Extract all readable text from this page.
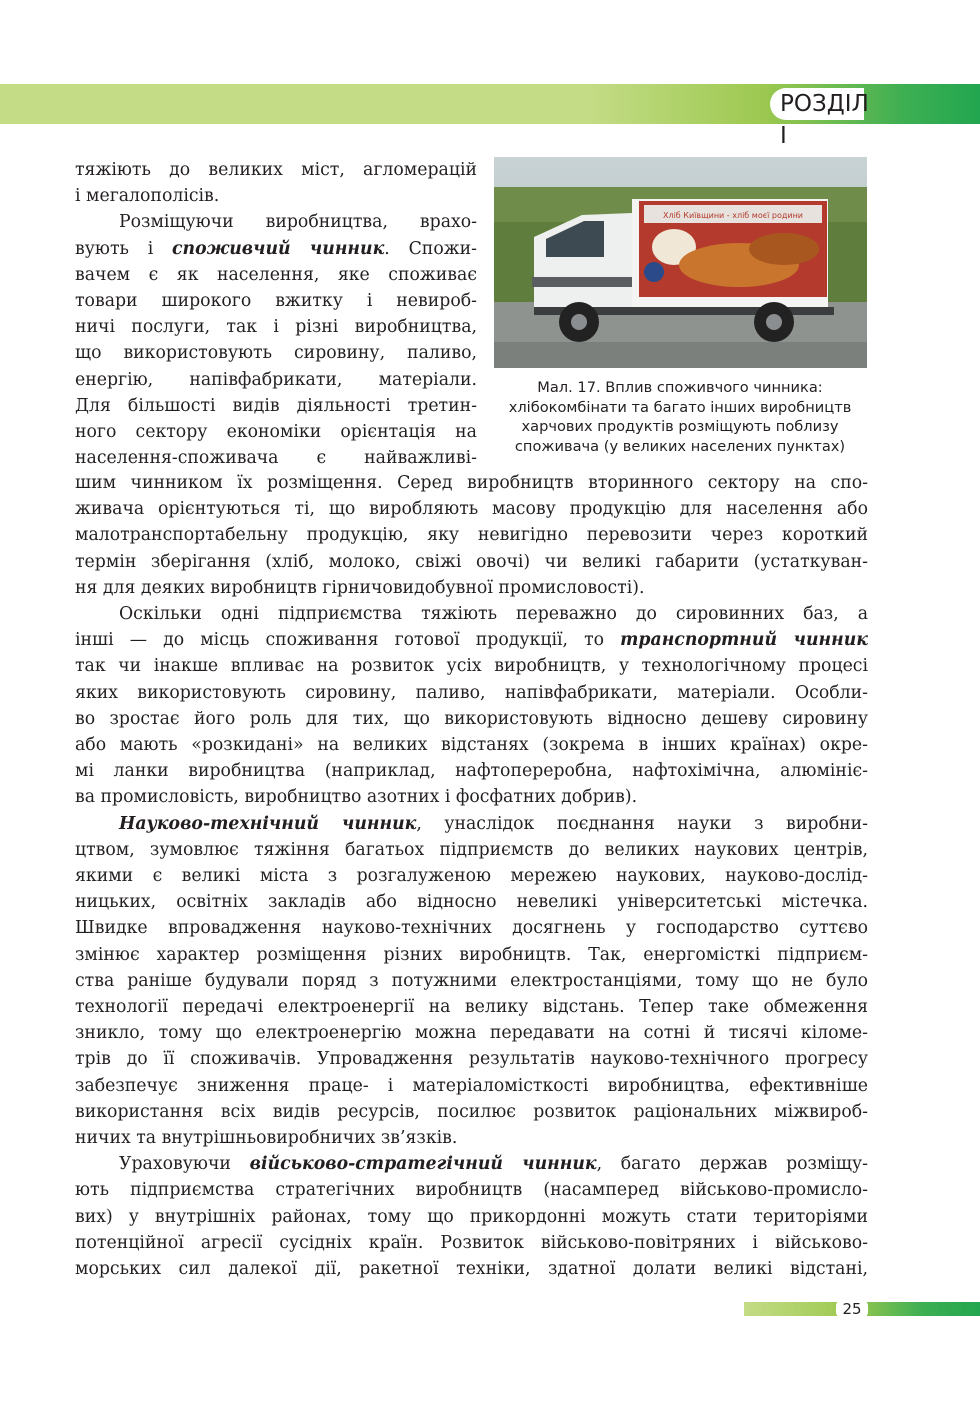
РОЗДІЛ І

тяжіють до великих міст, агломерацій
і мегалополісів.

Розміщуючи виробництва, врахо-
вують і споживчий чинник. Спожи-
вачем є як населення, яке споживає
товари широкого вжитку і невироб-
ничі послуги, так і різні виробництва,
що використовують сировину, паливо,
енергію, напівфабрикати, матеріали.
Для більшості видів діяльності третин-
ного сектору економіки орієнтація на
населення-споживача є найважливі-

Хліб Київщини - хліб моєї родини
Мал. 17. Вплив споживчого чинника:
хлібокомбінати та багато інших виробництв
харчових продуктів розміщують поблизу
споживача (у великих населених пунктах)

шим чинником їх розміщення. Серед виробництв вторинного сектору на спо-
живача орієнтуються ті, що виробляють масову продукцію для населення або
малотранспортабельну продукцію, яку невигідно перевозити через короткий
термін зберігання (хліб, молоко, свіжі овочі) чи великі габарити (устаткуван-
ня для деяких виробництв гірничовидобувної промисловості).

Оскільки одні підприємства тяжіють переважно до сировинних баз, а
інші — до місць споживання готової продукції, то транспортний чинник
так чи інакше впливає на розвиток усіх виробництв, у технологічному процесі
яких використовують сировину, паливо, напівфабрикати, матеріали. Особли-
во зростає його роль для тих, що використовують відносно дешеву сировину
або мають «розкидані» на великих відстанях (зокрема в інших країнах) окре-
мі ланки виробництва (наприклад, нафтопереробна, нафтохімічна, алюмініє-
ва промисловість, виробництво азотних і фосфатних добрив).

Науково-технічний чинник, унаслідок поєднання науки з виробни-
цтвом, зумовлює тяжіння багатьох підприємств до великих наукових центрів,
якими є великі міста з розгалуженою мережею наукових, науково-дослід-
ницьких, освітніх закладів або відносно невеликі університетські містечка.
Швидке впровадження науково-технічних досягнень у господарство суттєво
змінює характер розміщення різних виробництв. Так, енергомісткі підприєм-
ства раніше будували поряд з потужними електростанціями, тому що не було
технології передачі електроенергії на велику відстань. Тепер таке обмеження
зникло, тому що електроенергію можна передавати на сотні й тисячі кіломе-
трів до її споживачів. Упровадження результатів науково-технічного прогресу
забезпечує зниження праце- і матеріаломісткості виробництва, ефективніше
використання всіх видів ресурсів, посилює розвиток раціональних міжвироб-
ничих та внутрішньовиробничих зв’язків.

Ураховуючи військово-стратегічний чинник, багато держав розміщу-
ють підприємства стратегічних виробництв (насамперед військово-промисло-
вих) у внутрішніх районах, тому що прикордонні можуть стати територіями
потенційної агресії сусідніх країн. Розвиток військово-повітряних і військово-
морських сил далекої дії, ракетної техніки, здатної долати великі відстані,

25
